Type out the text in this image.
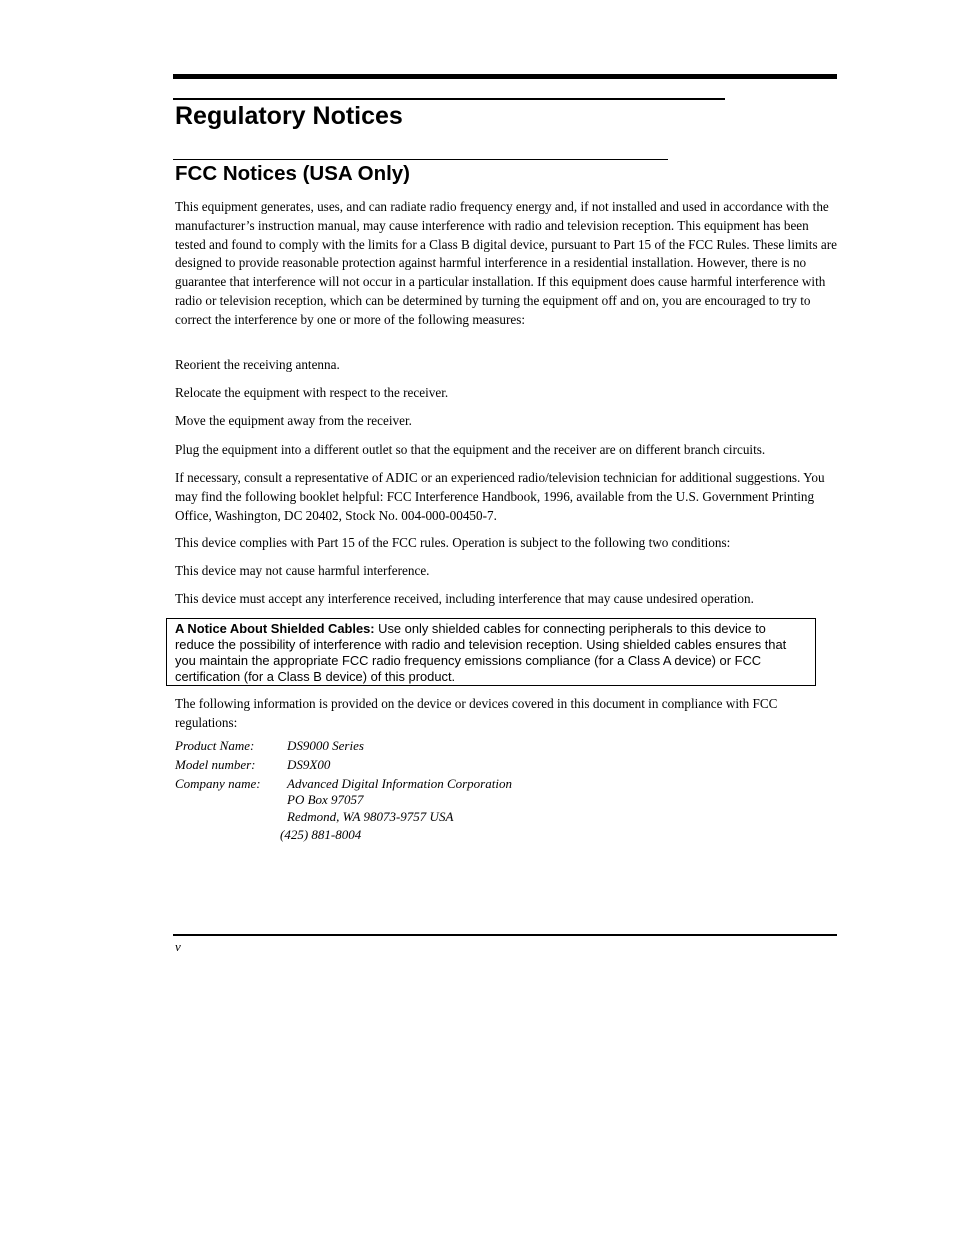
Regulatory Notices
FCC Notices (USA Only)

This equipment generates, uses, and can radiate radio frequency energy and, if not installed and used in accordance with the manufacturer’s instruction manual, may cause interference with radio and television reception. This equipment has been tested and found to comply with the limits for a Class B digital device, pursuant to Part 15 of the FCC Rules. These limits are designed to provide reasonable protection against harmful interference in a residential installation. However, there is no guarantee that interference will not occur in a particular installation. If this equipment does cause harmful interference with radio or television reception, which can be determined by turning the equipment off and on, you are encouraged to try to correct the interference by one or more of the following measures:

Reorient the receiving antenna.

Relocate the equipment with respect to the receiver.

Move the equipment away from the receiver.

Plug the equipment into a different outlet so that the equipment and the receiver are on different branch circuits.

If necessary, consult a representative of ADIC or an experienced radio/television technician for additional suggestions. You may find the following booklet helpful: FCC Interference Handbook, 1996, available from the U.S. Government Printing Office, Washington, DC 20402, Stock No. 004-000-00450-7.

This device complies with Part 15 of the FCC rules. Operation is subject to the following two conditions:

This device may not cause harmful interference.

This device must accept any interference received, including interference that may cause undesired operation.

A Notice About Shielded Cables: Use only shielded cables for connecting peripherals to this device to reduce the possibility of interference with radio and television reception. Using shielded cables ensures that you maintain the appropriate FCC radio frequency emissions compliance (for a Class A device) or FCC certification (for a Class B device) of this product.

The following information is provided on the device or devices covered in this document in compliance with FCC regulations:

Product Name:	DS9000 Series
Model number: DS9X00
Company name: Advanced Digital Information Corporation
PO Box 97057
Redmond, WA 98073-9757 USA
(425) 881-8004
v
